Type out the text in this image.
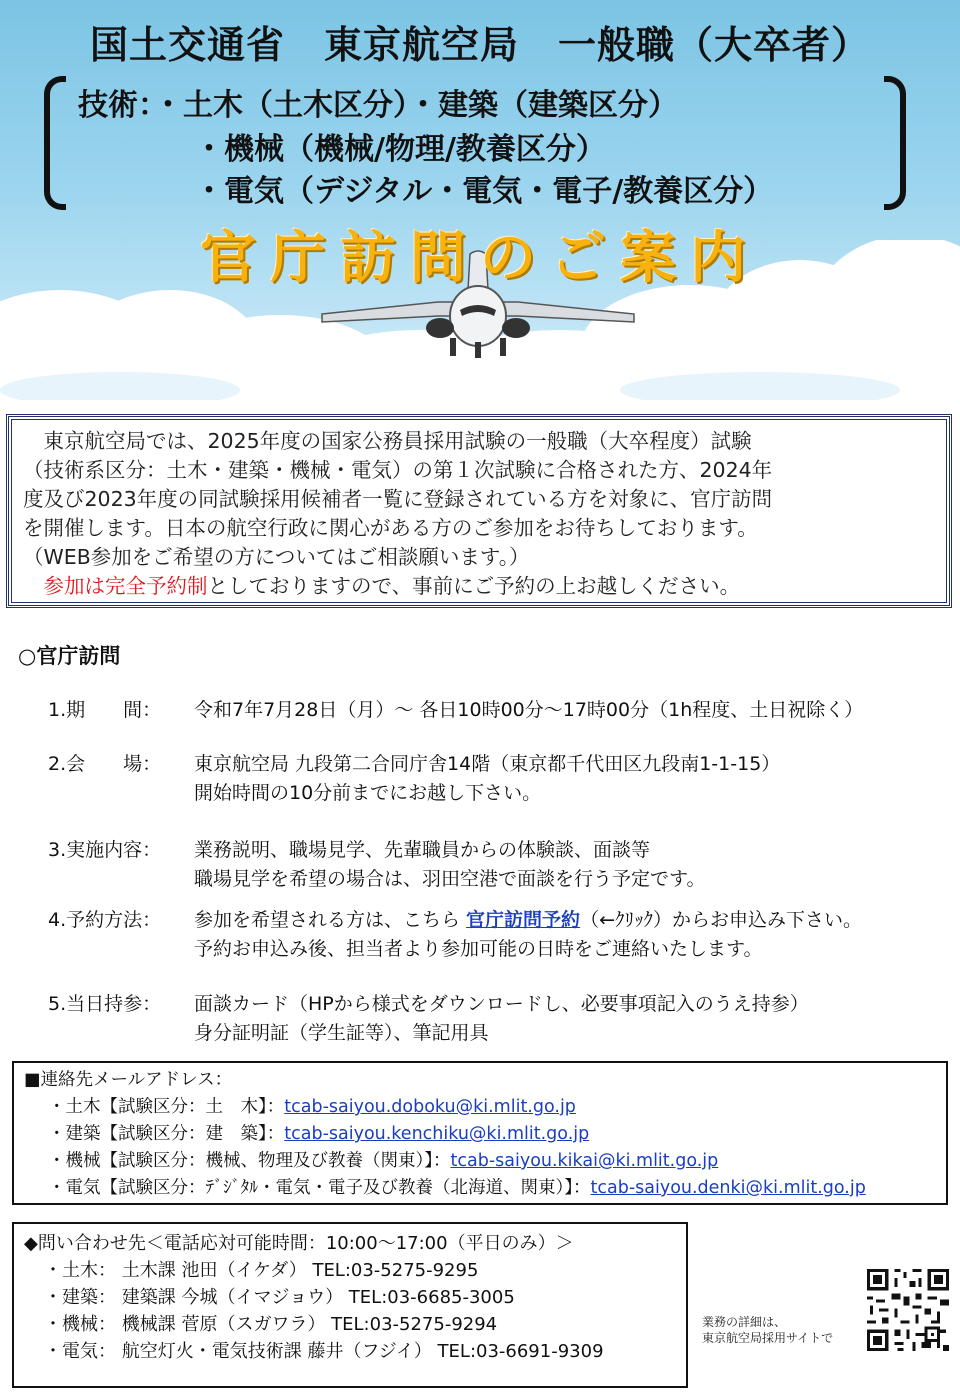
国土交通省　東京航空局　一般職（大卒者）
技術：・土木（土木区分）・建築（建築区分）
・機械（機械/物理/教養区分）
・電気（デジタル・電気・電子/教養区分）
官庁訪問のご案内

　東京航空局では、2025年度の国家公務員採用試験の一般職（大卒程度）試験

（技術系区分：土木・建築・機械・電気）の第１次試験に合格された方、2024年

度及び2023年度の同試験採用候補者一覧に登録されている方を対象に、官庁訪問

を開催します。日本の航空行政に関心がある方のご参加をお待ちしております。

（WEB参加をご希望の方についてはご相談願います。）

　参加は完全予約制としておりますので、事前にご予約の上お越しください。

○官庁訪問
1.期　　間： 令和7年7月28日（月）～ 各日10時00分～17時00分（1h程度、土日祝除く）
2.会　　場： 東京航空局 九段第二合同庁舎14階（東京都千代田区九段南1-1-15）
開始時間の10分前までにお越し下さい。
3.実施内容： 業務説明、職場見学、先輩職員からの体験談、面談等
職場見学を希望の場合は、羽田空港で面談を行う予定です。
4.予約方法： 参加を希望される方は、こちら 官庁訪問予約（←ｸﾘｯｸ）からお申込み下さい。
予約お申込み後、担当者より参加可能の日時をご連絡いたします。
5.当日持参： 面談カード（HPから様式をダウンロードし、必要事項記入のうえ持参）
身分証明証（学生証等）、筆記用具
■連絡先メールアドレス：
・土木【試験区分：土　木】：tcab-saiyou.doboku@ki.mlit.go.jp
・建築【試験区分：建　築】：tcab-saiyou.kenchiku@ki.mlit.go.jp
・機械【試験区分：機械、物理及び教養（関東）】：tcab-saiyou.kikai@ki.mlit.go.jp
・電気【試験区分：ﾃﾞｼﾞﾀﾙ・電気・電子及び教養（北海道、関東）】：tcab-saiyou.denki@ki.mlit.go.jp
◆問い合わせ先＜電話応対可能時間：10:00～17:00（平日のみ）＞
・土木： 土木課 池田（イケダ） TEL:03-5275-9295
・建築： 建築課 今城（イマジョウ） TEL:03-6685-3005
・機械： 機械課 菅原（スガワラ） TEL:03-5275-9294
・電気： 航空灯火・電気技術課 藤井（フジイ） TEL:03-6691-9309
業務の詳細は、
東京航空局採用サイトで
